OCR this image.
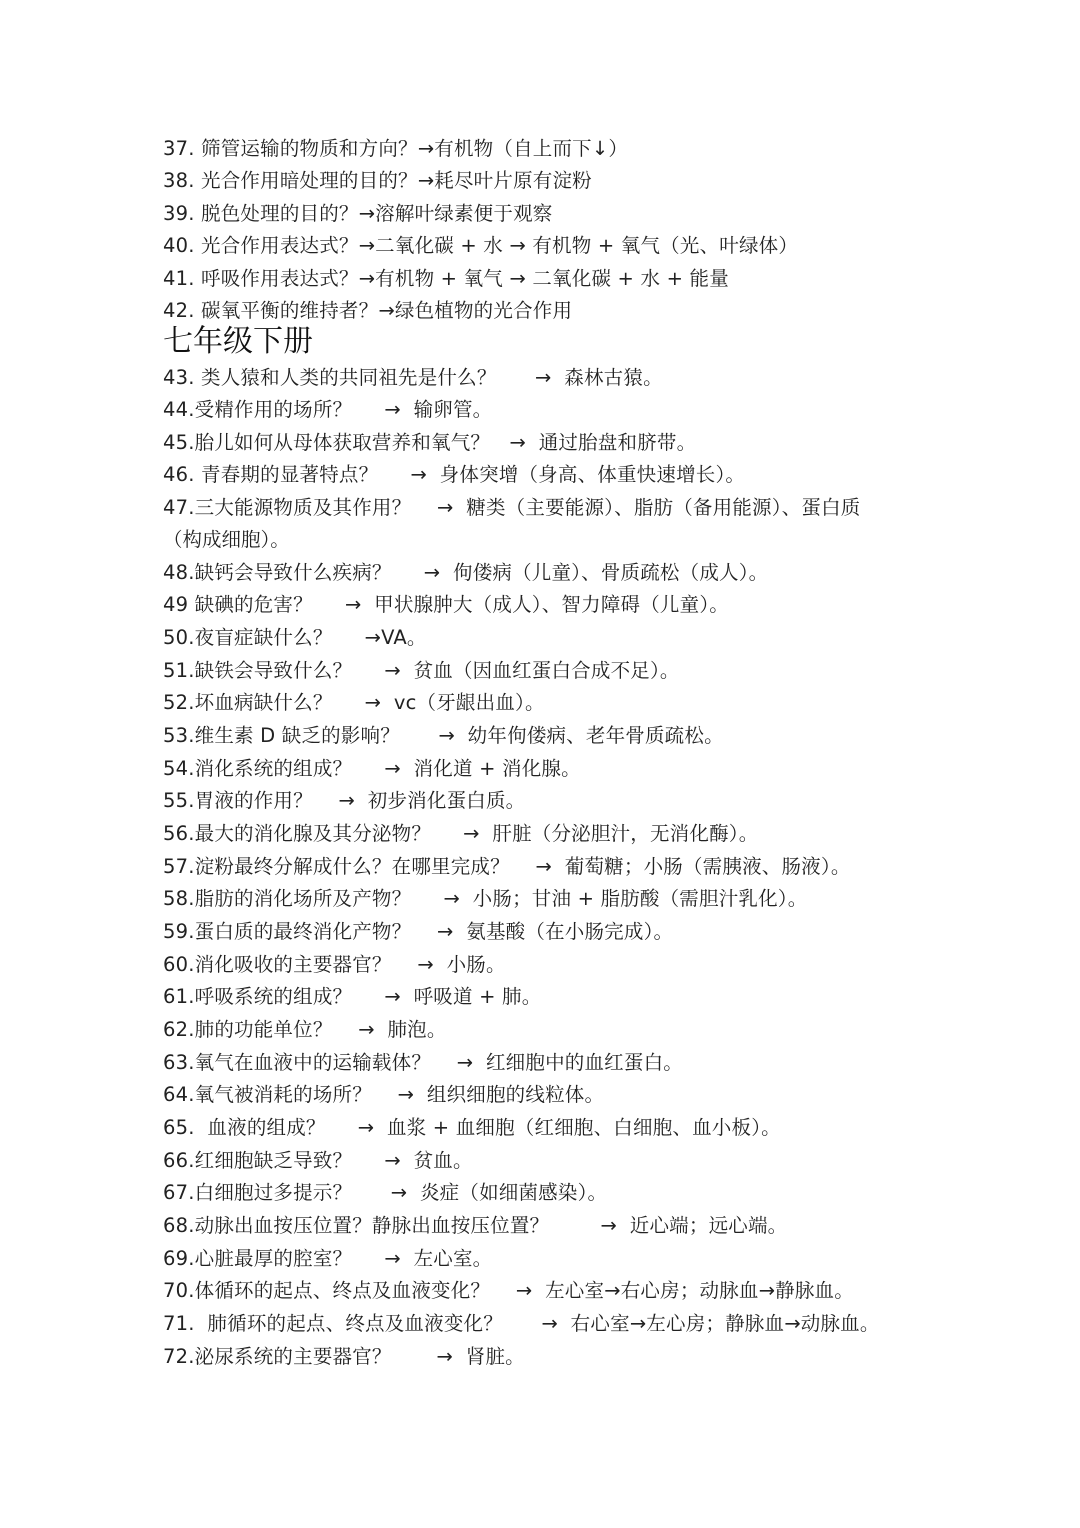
37. 筛管运输的物质和方向？→有机物（自上而下↓）
38. 光合作用暗处理的目的？→耗尽叶片原有淀粉
39. 脱色处理的目的？→溶解叶绿素便于观察
40. 光合作用表达式？→二氧化碳 + 水 → 有机物 + 氧气（光、叶绿体）
41. 呼吸作用表达式？→有机物 + 氧气 → 二氧化碳 + 水 + 能量
42. 碳氧平衡的维持者？→绿色植物的光合作用
七年级下册
43. 类人猿和人类的共同祖先是什么？      →  森林古猿。
44.受精作用的场所？     →  输卵管。
45.胎儿如何从母体获取营养和氧气？   →  通过胎盘和脐带。
46. 青春期的显著特点？     →  身体突增（身高、体重快速增长）。
47.三大能源物质及其作用？    →  糖类（主要能源）、脂肪（备用能源）、蛋白质
（构成细胞）。
48.缺钙会导致什么疾病？     →  佝偻病（儿童）、骨质疏松（成人）。
49 缺碘的危害？     →  甲状腺肿大（成人）、智力障碍（儿童）。
50.夜盲症缺什么？     →VA。
51.缺铁会导致什么？     →  贫血（因血红蛋白合成不足）。
52.坏血病缺什么？     →  vc（牙龈出血）。
53.维生素 D 缺乏的影响？      →  幼年佝偻病、老年骨质疏松。
54.消化系统的组成？     →  消化道 + 消化腺。
55.胃液的作用？    →  初步消化蛋白质。
56.最大的消化腺及其分泌物？     →  肝脏（分泌胆汁，无消化酶）。
57.淀粉最终分解成什么？在哪里完成？    →  葡萄糖；小肠（需胰液、肠液）。
58.脂肪的消化场所及产物？     →  小肠；甘油 + 脂肪酸（需胆汁乳化）。
59.蛋白质的最终消化产物？    →  氨基酸（在小肠完成）。
60.消化吸收的主要器官？    →  小肠。
61.呼吸系统的组成？     →  呼吸道 + 肺。
62.肺的功能单位？    →  肺泡。
63.氧气在血液中的运输载体？    →  红细胞中的血红蛋白。
64.氧气被消耗的场所？    →  组织细胞的线粒体。
65.  血液的组成？     →  血浆 + 血细胞（红细胞、白细胞、血小板）。
66.红细胞缺乏导致？     →  贫血。
67.白细胞过多提示？      →  炎症（如细菌感染）。
68.动脉出血按压位置？静脉出血按压位置？        →  近心端；远心端。
69.心脏最厚的腔室？     →  左心室。
70.体循环的起点、终点及血液变化？    →  左心室→右心房；动脉血→静脉血。
71.  肺循环的起点、终点及血液变化？      →  右心室→左心房；静脉血→动脉血。
72.泌尿系统的主要器官？       →  肾脏。
